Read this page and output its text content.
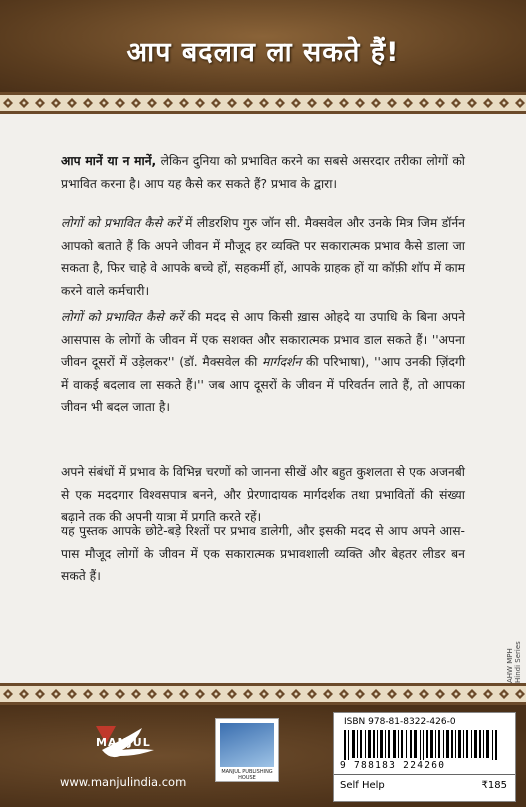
आप बदलाव ला सकते हैं!

आप मानें या न मानें, लेकिन दुनिया को प्रभावित करने का सबसे असरदार तरीका लोगों को प्रभावित करना है। आप यह कैसे कर सकते हैं? प्रभाव के द्वारा।

लोगों को प्रभावित कैसे करें में लीडरशिप गुरु जॉन सी. मैक्सवेल और उनके मित्र जिम डॉर्नन आपको बताते हैं कि अपने जीवन में मौजूद हर व्यक्ति पर सकारात्मक प्रभाव कैसे डाला जा सकता है, फिर चाहे वे आपके बच्चे हों, सहकर्मी हों, आपके ग्राहक हों या कॉफ़ी शॉप में काम करने वाले कर्मचारी।

लोगों को प्रभावित कैसे करें की मदद से आप किसी ख़ास ओहदे या उपाधि के बिना अपने आसपास के लोगों के जीवन में एक सशक्त और सकारात्मक प्रभाव डाल सकते हैं। ''अपना जीवन दूसरों में उड़ेलकर'' (डॉ. मैक्सवेल की मार्गदर्शन की परिभाषा), ''आप उनकी ज़िंदगी में वाकई बदलाव ला सकते हैं।'' जब आप दूसरों के जीवन में परिवर्तन लाते हैं, तो आपका जीवन भी बदल जाता है।

अपने संबंधों में प्रभाव के विभिन्न चरणों को जानना सीखें और बहुत कुशलता से एक अजनबी से एक मददगार विश्वसपात्र बनने, और प्रेरणादायक मार्गदर्शक तथा प्रभावितों की संख्या बढ़ाने तक की अपनी यात्रा में प्रगति करते रहें।

यह पुस्तक आपके छोटे-बड़े रिश्तों पर प्रभाव डालेगी, और इसकी मदद से आप अपने आस-पास मौजूद लोगों के जीवन में एक सकारात्मक प्रभावशाली व्यक्ति और बेहतर लीडर बन सकते हैं।

AHW MPH Hindi Series
MANJUL
www.manjulindia.com
MANJUL PUBLISHING HOUSE
ISBN 978-81-8322-426-0
9 788183 224260
Self Help	₹185
